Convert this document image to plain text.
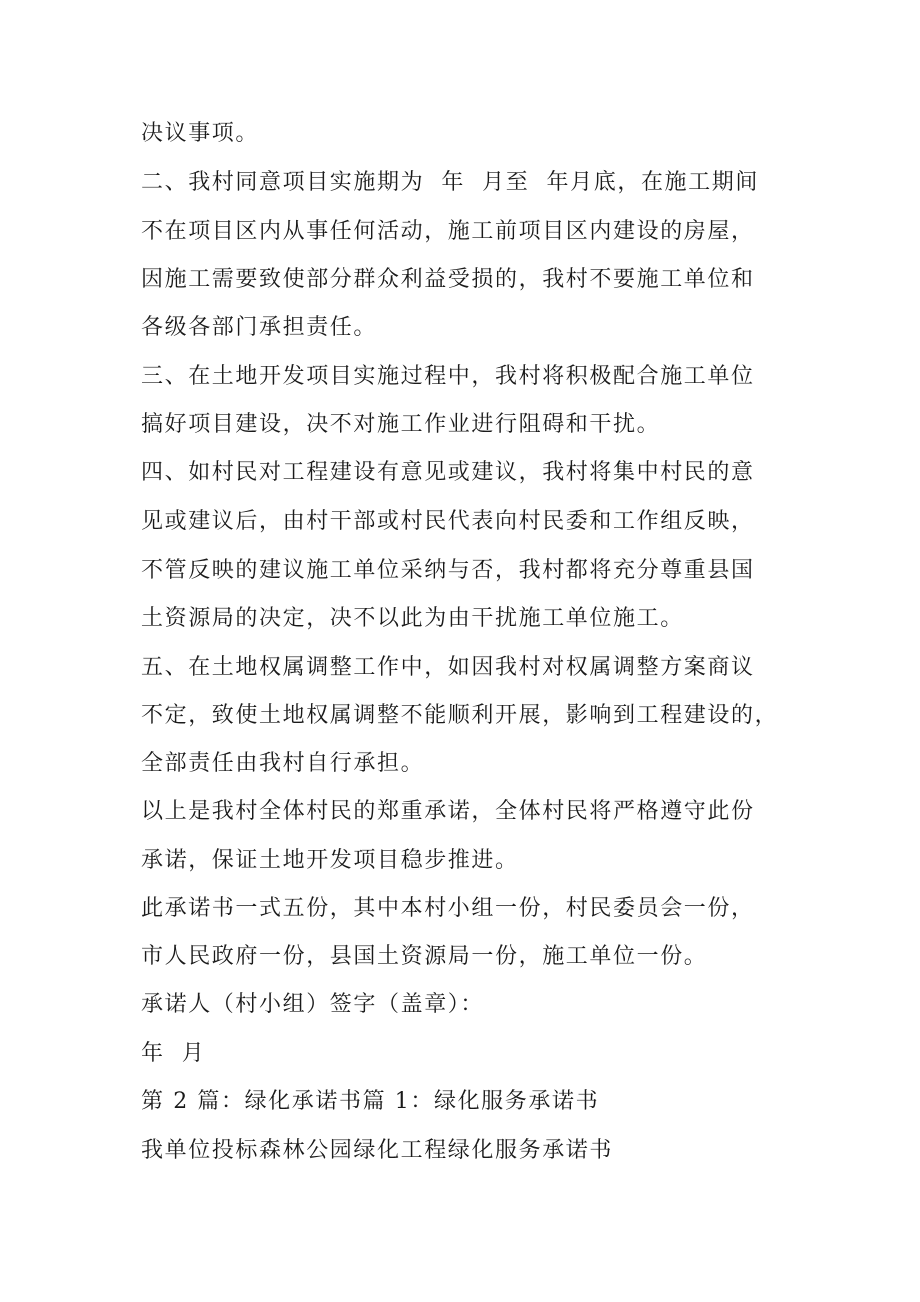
决议事项。
二、我村同意项目实施期为  年  月至  年月底，在施工期间
不在项目区内从事任何活动，施工前项目区内建设的房屋，
因施工需要致使部分群众利益受损的，我村不要施工单位和
各级各部门承担责任。
三、在土地开发项目实施过程中，我村将积极配合施工单位
搞好项目建设，决不对施工作业进行阻碍和干扰。
四、如村民对工程建设有意见或建议，我村将集中村民的意
见或建议后，由村干部或村民代表向村民委和工作组反映，
不管反映的建议施工单位采纳与否，我村都将充分尊重县国
土资源局的决定，决不以此为由干扰施工单位施工。
五、在土地权属调整工作中，如因我村对权属调整方案商议
不定，致使土地权属调整不能顺利开展，影响到工程建设的，
全部责任由我村自行承担。
以上是我村全体村民的郑重承诺，全体村民将严格遵守此份
承诺，保证土地开发项目稳步推进。
此承诺书一式五份，其中本村小组一份，村民委员会一份，
市人民政府一份，县国土资源局一份，施工单位一份。
承诺人（村小组）签字（盖章）：
年  月
第 2 篇：绿化承诺书篇 1：绿化服务承诺书
我单位投标森林公园绿化工程绿化服务承诺书
